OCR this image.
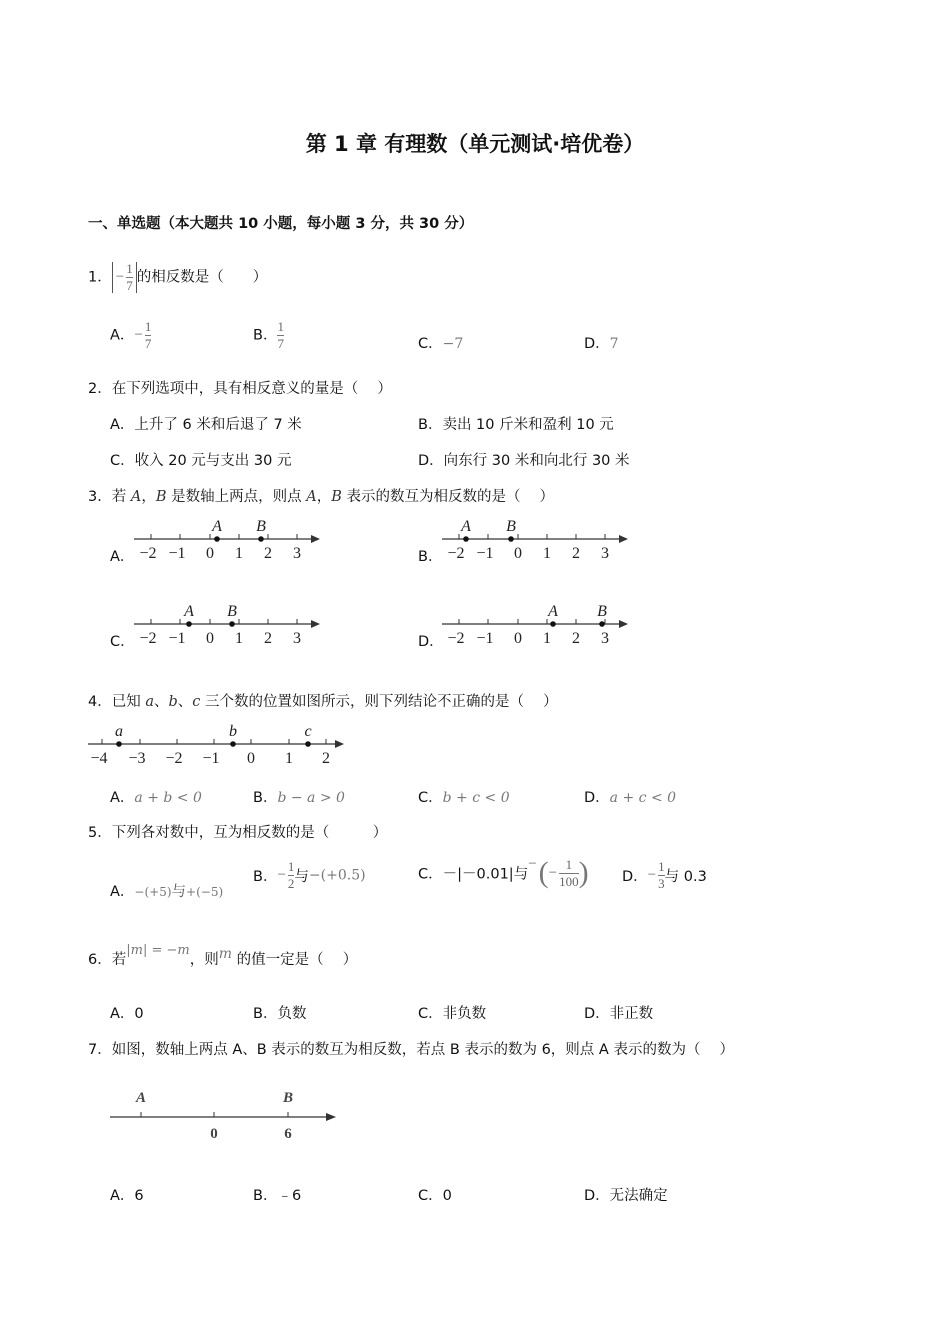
第 1 章 有理数（单元测试·培优卷）
一、单选题（本大题共 10 小题，每小题 3 分，共 30 分）
1． − $\frac{1}{7}$ 的相反数是（　　）
A．− $\frac{1}{7}$	B． $\frac{1}{7}$	C．−7	D．7
2．在下列选项中，具有相反意义的量是（　 ）
A．上升了 6 米和后退了 7 米	B．卖出 10 斤米和盈利 10 元
C．收入 20 元与支出 30 元	D．向东行 30 米和向北行 30 米
3．若 A，B 是数轴上两点，则点 A，B 表示的数互为相反数的是（　 ）
A． −2 −1 0 1 2 3
A B
B． −2 −1 0 1 2 3
A B
C． −2 −1 0 1 2 3
A B
D． −2 −1 0 1 2 3
A B
4．已知 a、b、c 三个数的位置如图所示，则下列结论不正确的是（　 ）
−4 −3 −2 −1 0 1 2
a	b	c
A．a + b < 0	B．b − a > 0	C．b + c < 0	D．a + c < 0
5．下列各对数中，互为相反数的是（　　　）
A．−(+5)与+(−5)
B．− $\frac{1}{2}$ 与−(+0.5)	C．－|－0.01|与−(− $\frac{1}{100}$ ) D．− $\frac{1}{3}$ 与 0.3
6．若|m| = −m，则m 的值一定是（　 ）
A．0	B．负数	C．非负数	D．非正数
7．如图，数轴上两点 A、B 表示的数互为相反数，若点 B 表示的数为 6，则点 A 表示的数为（　 ）
A	B
0	6
A．6	B．﹣6	C．0	D．无法确定
